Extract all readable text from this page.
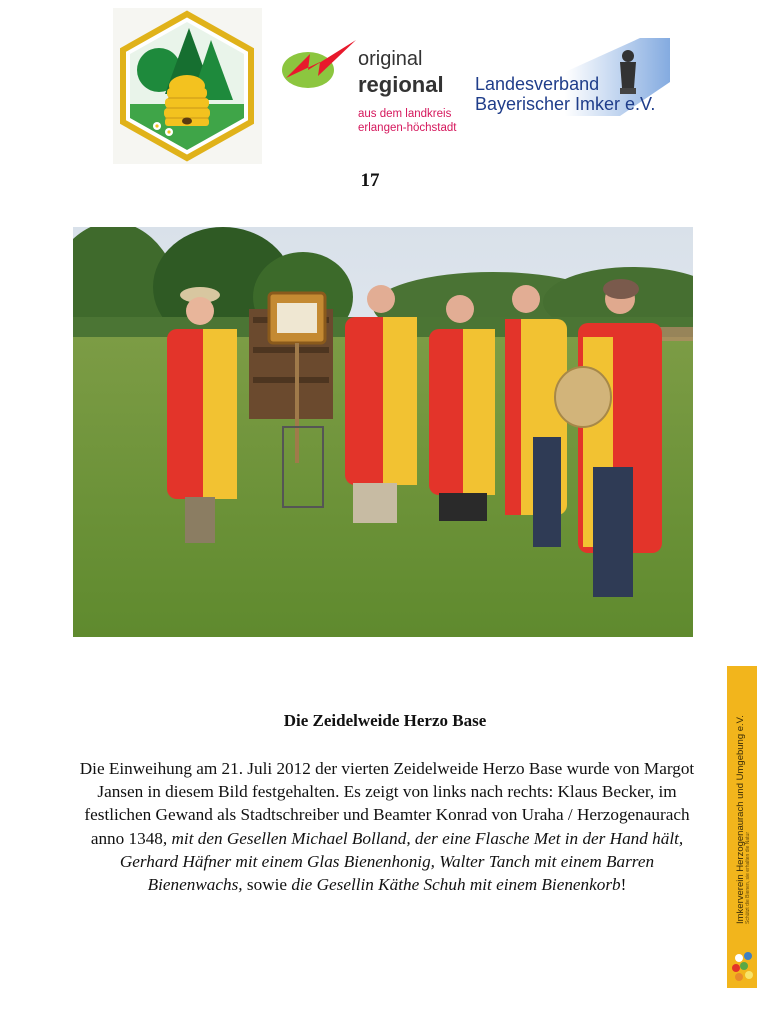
original
regional
aus dem landkreis
erlangen-höchstadt
Landesverband
Bayerischer Imker e.V.
17
Die Zeidelweide Herzo Base

Die Einweihung am 21. Juli 2012 der vierten Zeidelweide Herzo Base wurde von Margot Jansen in diesem Bild festgehalten. Es zeigt von links nach rechts: Klaus Becker, im festlichen Gewand als Stadtschreiber und Beamter Konrad von Uraha / Herzogenaurach anno 1348, mit den Gesellen Michael Bolland, der eine Flasche Met in der Hand hält, Gerhard Häfner mit einem Glas Bienenhonig, Walter Tanch mit einem Barren Bienenwachs, sowie die Gesellin Käthe Schuh mit einem Bienenkorb!	Imkerverein Herzogenaurach und Umgebung e.V. Schützt die Bienen, sie erhalten die Natur
